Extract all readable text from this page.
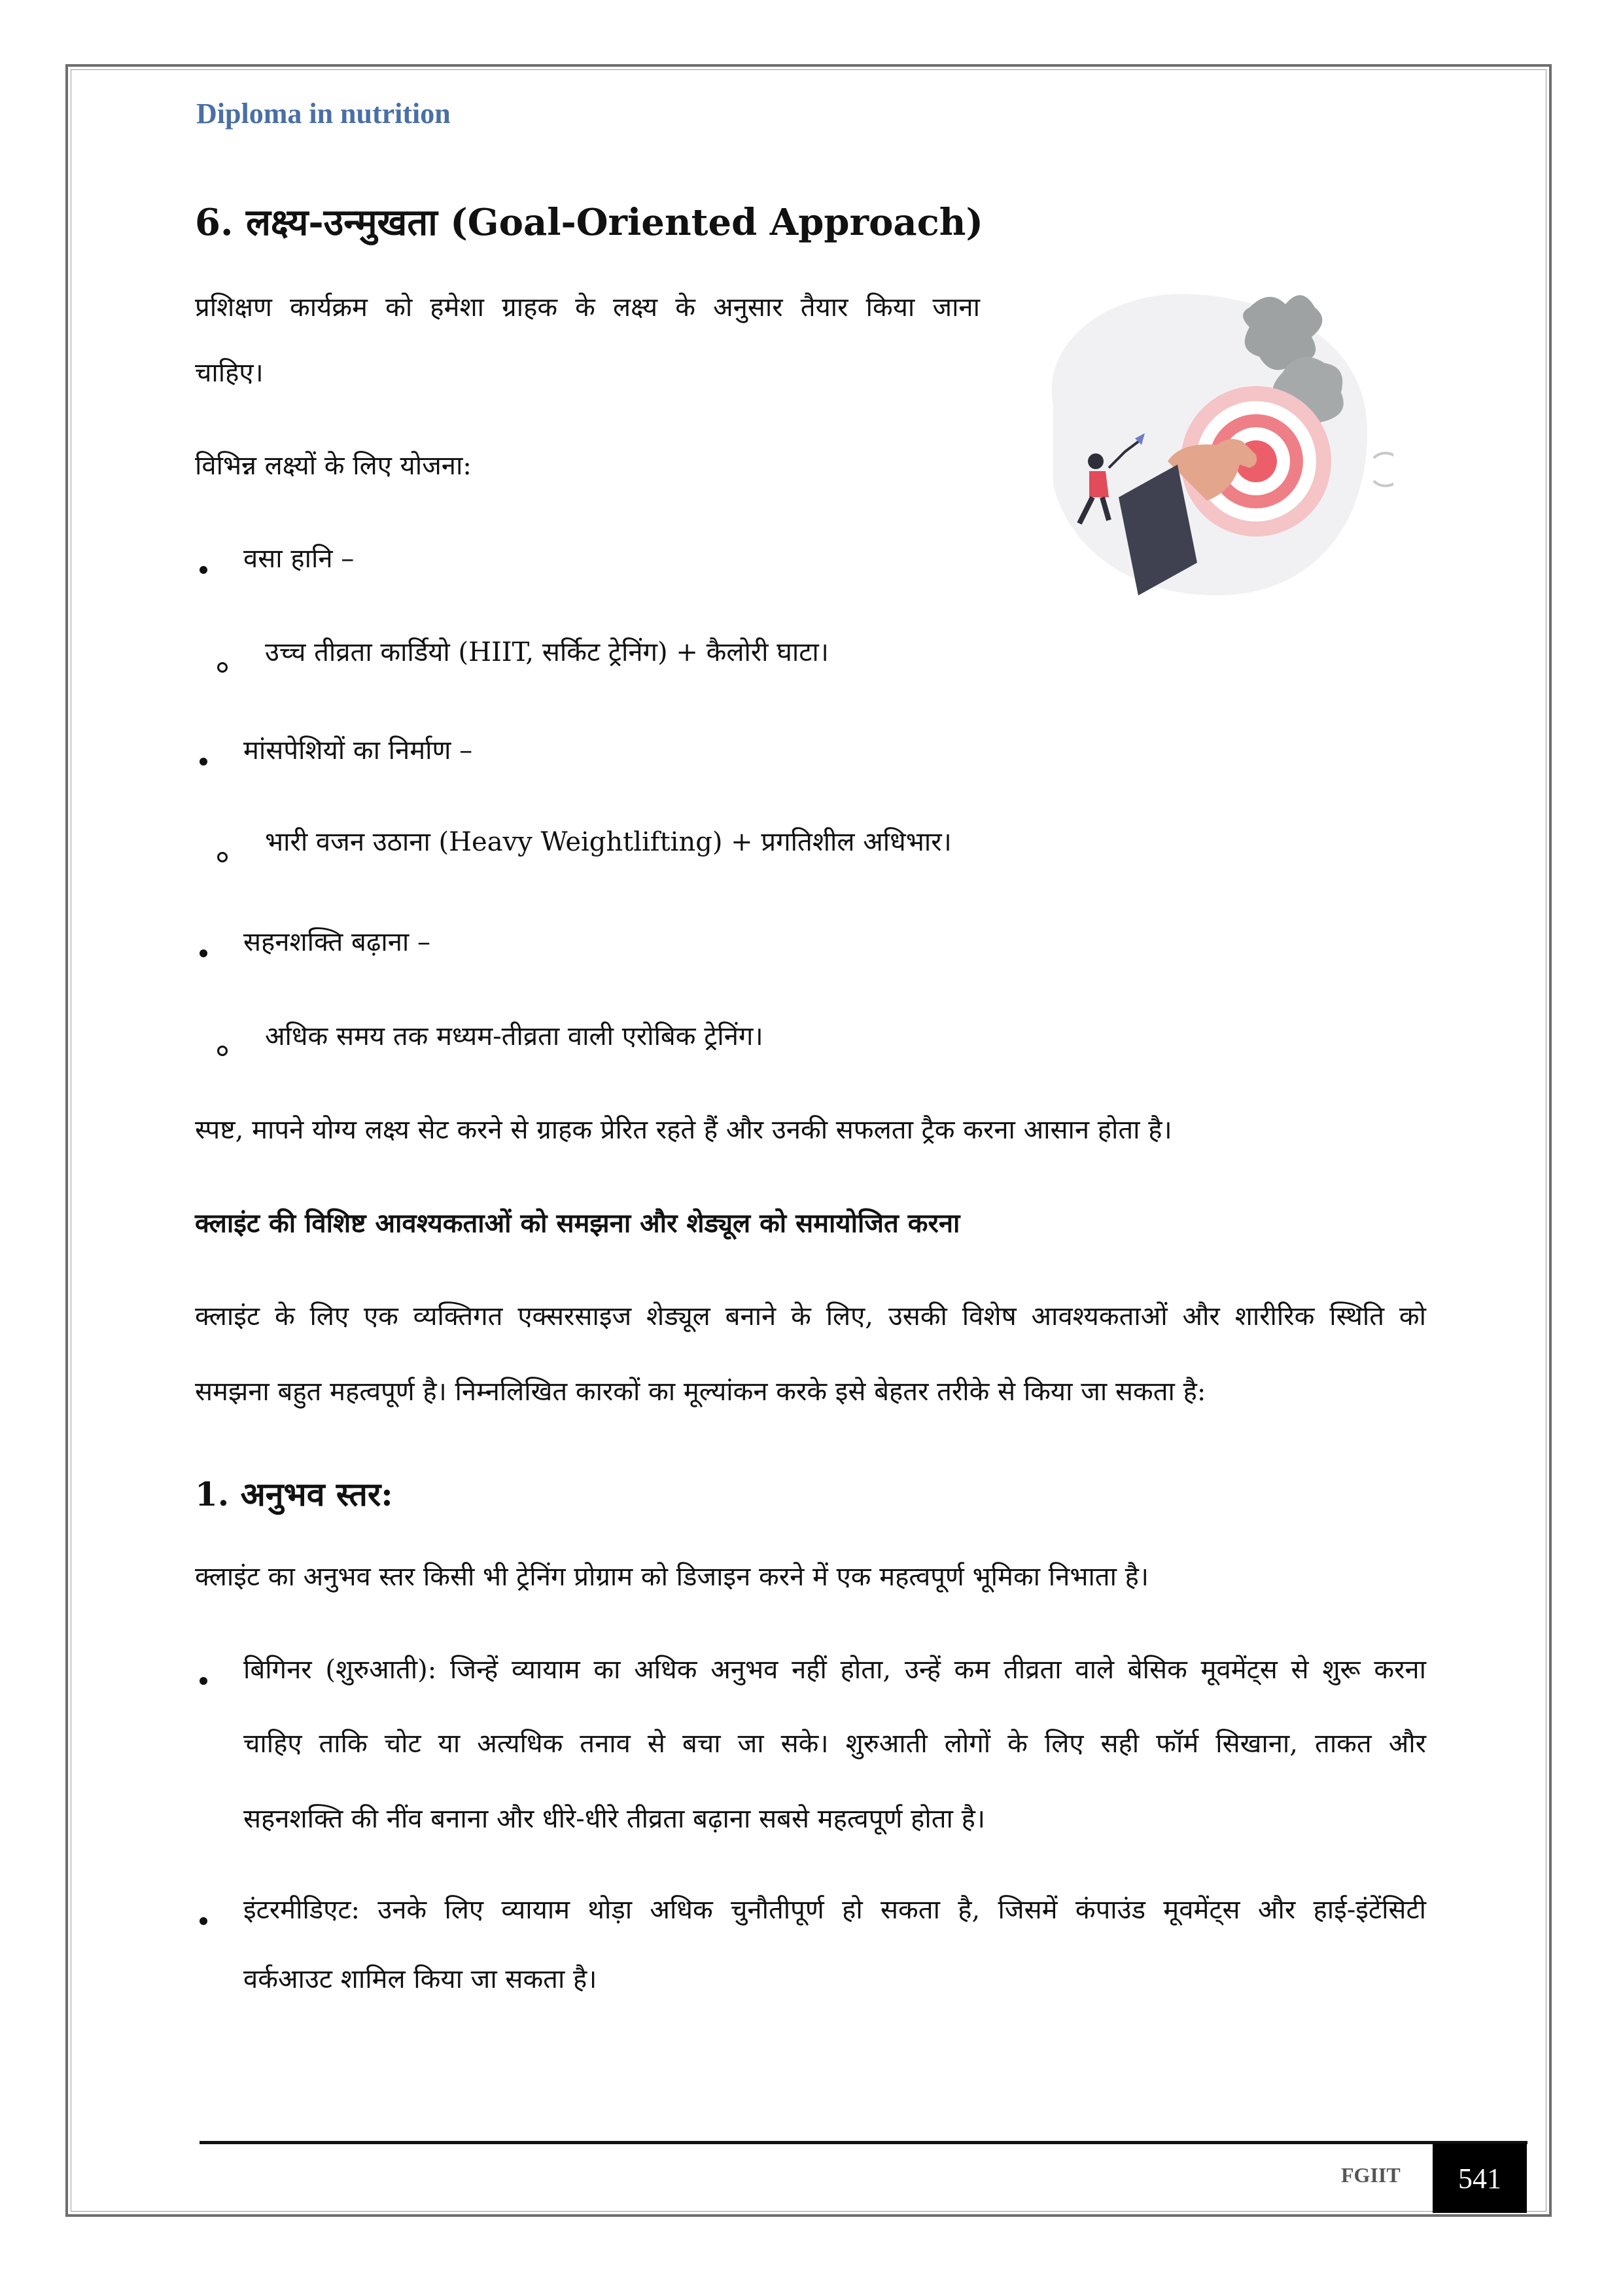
Diploma in nutrition
6. लक्ष्य-उन्मुखता (Goal-Oriented Approach)
प्रशिक्षण कार्यक्रम को हमेशा ग्राहक के लक्ष्य के अनुसार तैयार किया जाना
चाहिए।
विभिन्न लक्ष्यों के लिए योजना:
वसा हानि –
उच्च तीव्रता कार्डियो (HIIT, सर्किट ट्रेनिंग) + कैलोरी घाटा।
मांसपेशियों का निर्माण –
भारी वजन उठाना (Heavy Weightlifting) + प्रगतिशील अधिभार।
सहनशक्ति बढ़ाना –
अधिक समय तक मध्यम-तीव्रता वाली एरोबिक ट्रेनिंग।
स्पष्ट, मापने योग्य लक्ष्य सेट करने से ग्राहक प्रेरित रहते हैं और उनकी सफलता ट्रैक करना आसान होता है।
क्लाइंट की विशिष्ट आवश्यकताओं को समझना और शेड्यूल को समायोजित करना
क्लाइंट के लिए एक व्यक्तिगत एक्सरसाइज शेड्यूल बनाने के लिए, उसकी विशेष आवश्यकताओं और शारीरिक स्थिति को
समझना बहुत महत्वपूर्ण है। निम्नलिखित कारकों का मूल्यांकन करके इसे बेहतर तरीके से किया जा सकता है:
1. अनुभव स्तर:
क्लाइंट का अनुभव स्तर किसी भी ट्रेनिंग प्रोग्राम को डिजाइन करने में एक महत्वपूर्ण भूमिका निभाता है।
बिगिनर (शुरुआती): जिन्हें व्यायाम का अधिक अनुभव नहीं होता, उन्हें कम तीव्रता वाले बेसिक मूवमेंट्स से शुरू करना
चाहिए ताकि चोट या अत्यधिक तनाव से बचा जा सके। शुरुआती लोगों के लिए सही फॉर्म सिखाना, ताकत और
सहनशक्ति की नींव बनाना और धीरे-धीरे तीव्रता बढ़ाना सबसे महत्वपूर्ण होता है।
इंटरमीडिएट: उनके लिए व्यायाम थोड़ा अधिक चुनौतीपूर्ण हो सकता है, जिसमें कंपाउंड मूवमेंट्स और हाई-इंटेंसिटी
वर्कआउट शामिल किया जा सकता है।
FGIIT	541
